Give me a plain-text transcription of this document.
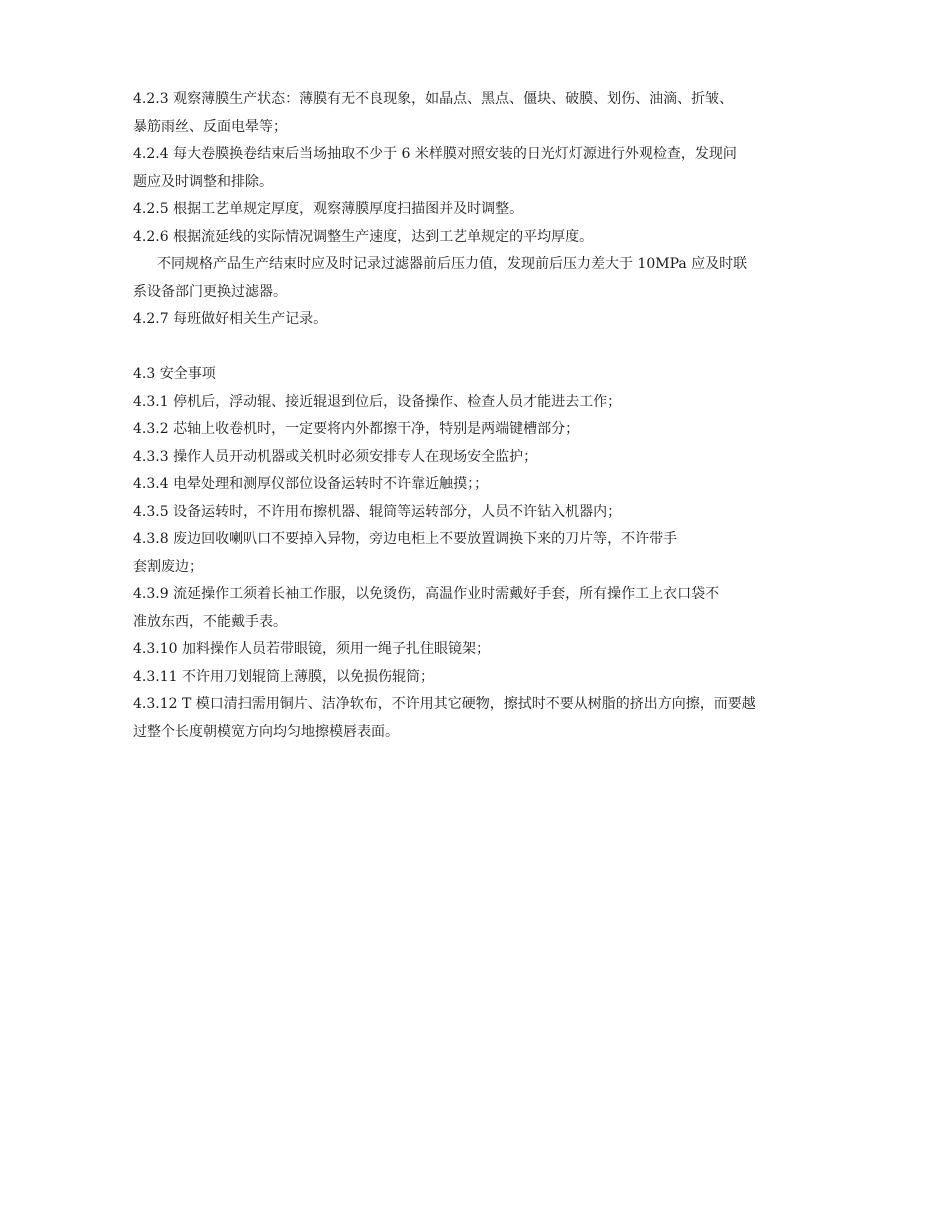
4.2.3 观察薄膜生产状态：薄膜有无不良现象，如晶点、黑点、僵块、破膜、划伤、油滴、折皱、
暴筋雨丝、反面电晕等；
4.2.4 每大卷膜换卷结束后当场抽取不少于 6 米样膜对照安装的日光灯灯源进行外观检查，发现问
题应及时调整和排除。
4.2.5 根据工艺单规定厚度，观察薄膜厚度扫描图并及时调整。
4.2.6 根据流延线的实际情况调整生产速度，达到工艺单规定的平均厚度。
不同规格产品生产结束时应及时记录过滤器前后压力值，发现前后压力差大于 10MPa 应及时联
系设备部门更换过滤器。
4.2.7 每班做好相关生产记录。
4.3 安全事项
4.3.1 停机后，浮动辊、接近辊退到位后，设备操作、检查人员才能进去工作；
4.3.2 芯轴上收卷机时，一定要将内外都擦干净，特别是两端键槽部分；
4.3.3 操作人员开动机器或关机时必须安排专人在现场安全监护；
4.3.4 电晕处理和测厚仪部位设备运转时不许靠近触摸；；
4.3.5 设备运转时，不许用布擦机器、辊筒等运转部分，人员不许钻入机器内；
4.3.8 废边回收喇叭口不要掉入异物，旁边电柜上不要放置调换下来的刀片等，不许带手
套割废边；
4.3.9 流延操作工须着长袖工作服，以免烫伤，高温作业时需戴好手套，所有操作工上衣口袋不
准放东西，不能戴手表。
4.3.10 加料操作人员若带眼镜，须用一绳子扎住眼镜架；
4.3.11 不许用刀划辊筒上薄膜，以免损伤辊筒；
4.3.12 T 模口清扫需用铜片、洁净软布，不许用其它硬物，擦拭时不要从树脂的挤出方向擦，而要越
过整个长度朝模宽方向均匀地擦模唇表面。
